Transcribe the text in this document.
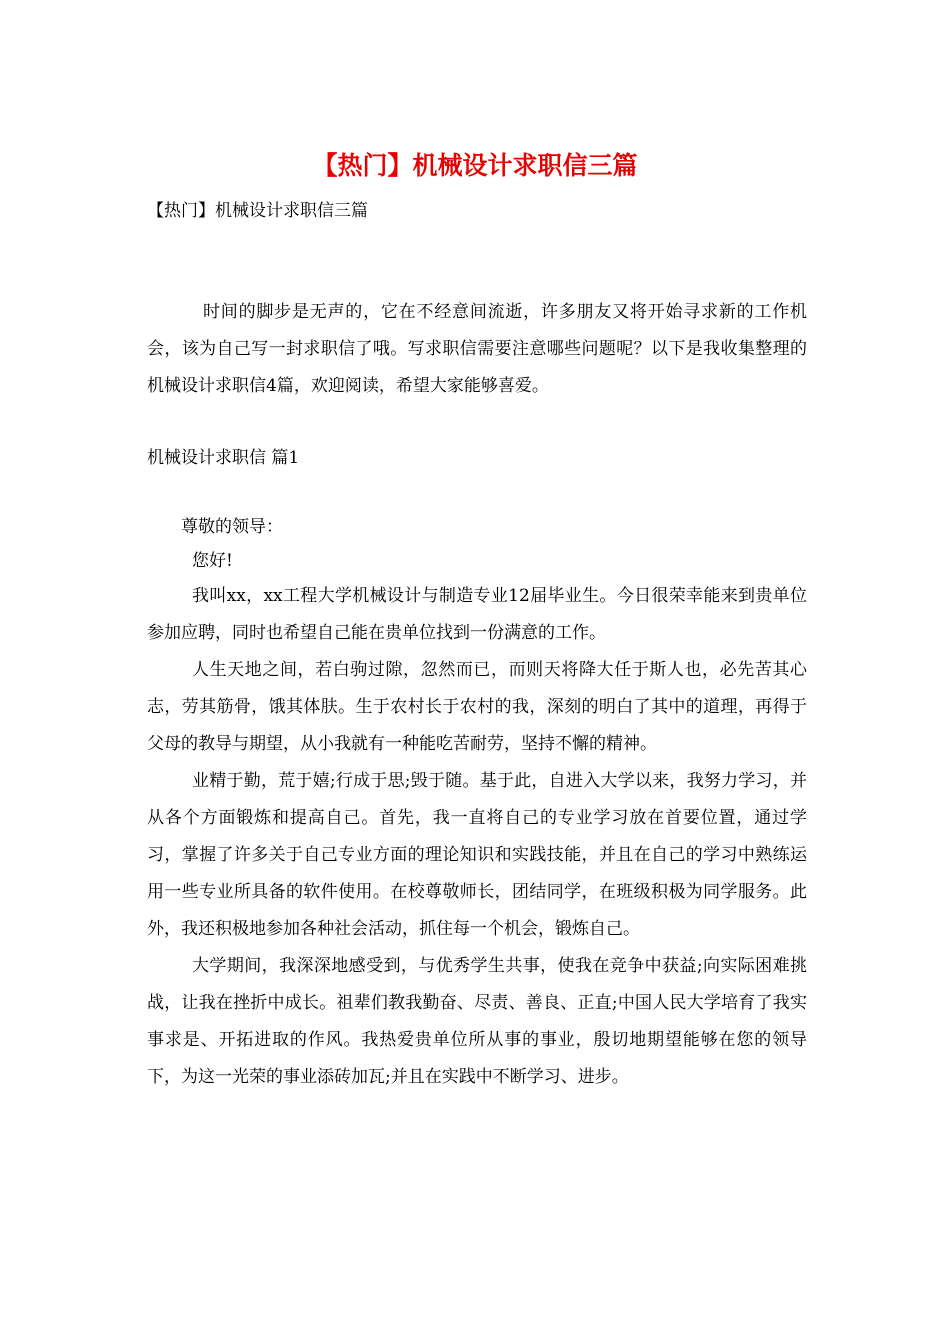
【热门】机械设计求职信三篇

【热门】机械设计求职信三篇

时间的脚步是无声的，它在不经意间流逝，许多朋友又将开始寻求新的工作机会，该为自己写一封求职信了哦。写求职信需要注意哪些问题呢？以下是我收集整理的机械设计求职信4篇，欢迎阅读，希望大家能够喜爱。

机械设计求职信 篇1

尊敬的领导：

您好!

我叫xx，xx工程大学机械设计与制造专业12届毕业生。今日很荣幸能来到贵单位参加应聘，同时也希望自己能在贵单位找到一份满意的工作。

人生天地之间，若白驹过隙，忽然而已，而则天将降大任于斯人也，必先苦其心志，劳其筋骨，饿其体肤。生于农村长于农村的我，深刻的明白了其中的道理，再得于父母的教导与期望，从小我就有一种能吃苦耐劳，坚持不懈的精神。

业精于勤，荒于嬉;行成于思;毁于随。基于此，自进入大学以来，我努力学习，并从各个方面锻炼和提高自己。首先，我一直将自己的专业学习放在首要位置，通过学习，掌握了许多关于自己专业方面的理论知识和实践技能，并且在自己的学习中熟练运用一些专业所具备的软件使用。在校尊敬师长，团结同学，在班级积极为同学服务。此外，我还积极地参加各种社会活动，抓住每一个机会，锻炼自己。

大学期间，我深深地感受到，与优秀学生共事，使我在竞争中获益;向实际困难挑战，让我在挫折中成长。祖辈们教我勤奋、尽责、善良、正直;中国人民大学培育了我实事求是、开拓进取的作风。我热爱贵单位所从事的事业，殷切地期望能够在您的领导下，为这一光荣的事业添砖加瓦;并且在实践中不断学习、进步。
